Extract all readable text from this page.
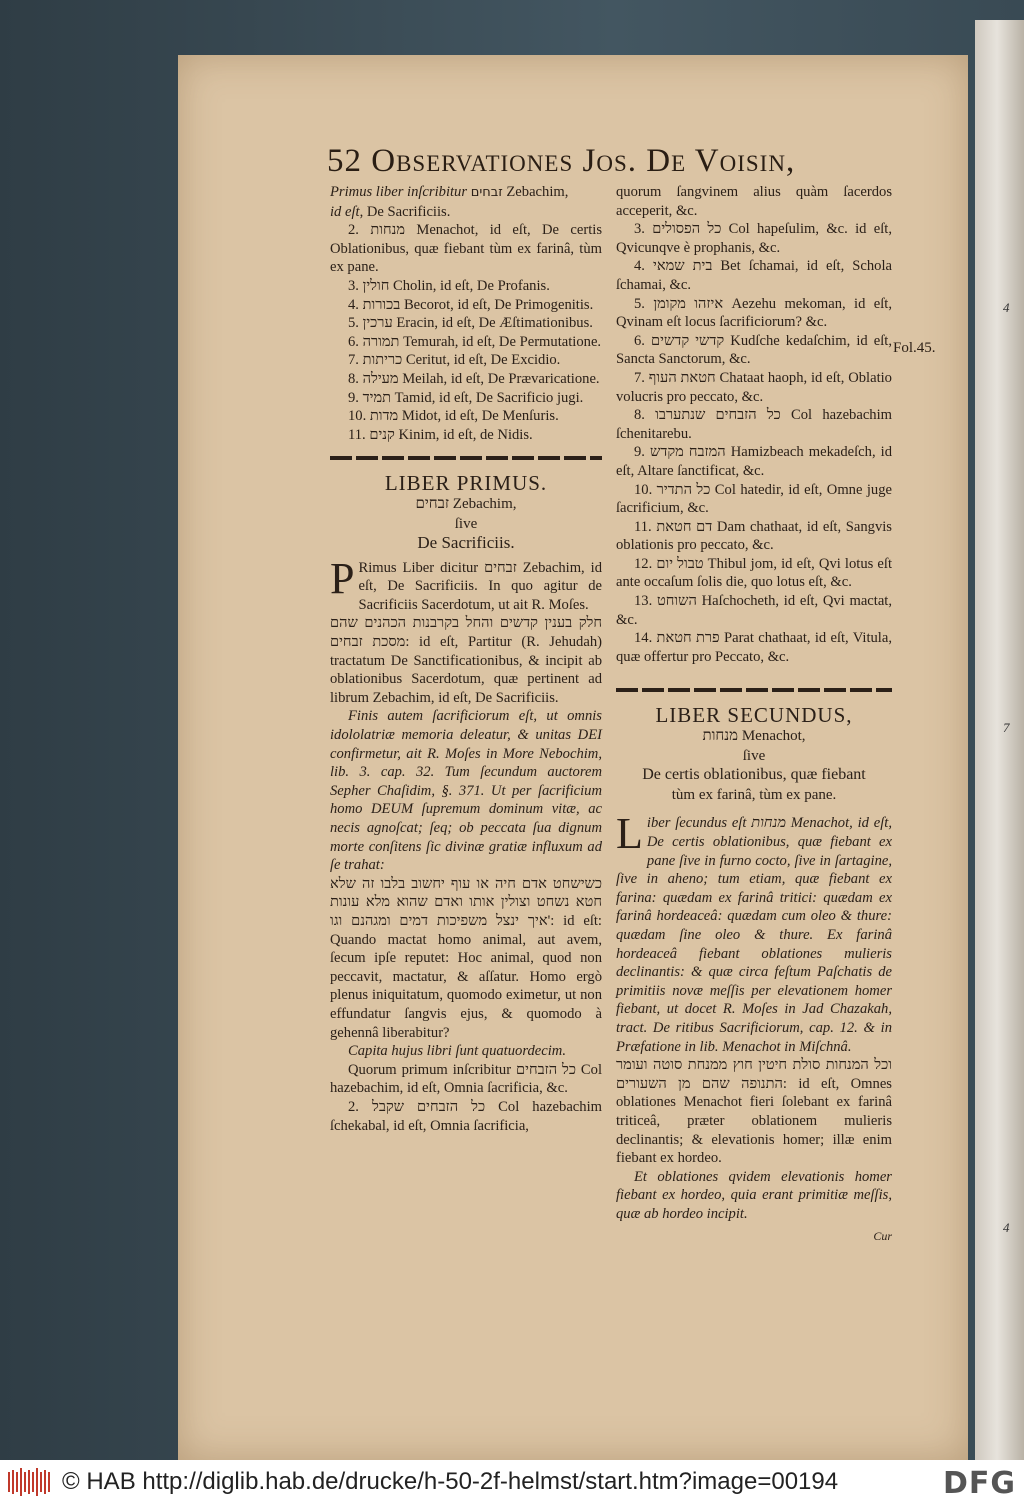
4
7
4
52 Observationes Jos. De Voisin,
Fol.45.

Primus liber inſcribitur זבחים Zebachim,

id eſt, De Sacrificiis.

2. מנחות Menachot, id eſt, De certis Oblationibus, quæ fiebant tùm ex farinâ, tùm ex pane.

3. חולין Cholin, id eſt, De Profanis.

4. בכורות Becorot, id eſt, De Primogenitis.

5. ערכין Eracin, id eſt, De Æſtimationibus.

6. תמורה Temurah, id eſt, De Permutatione.

7. כריתות Ceritut, id eſt, De Excidio.

8. מעילה Meilah, id eſt, De Prævaricatione.

9. תמיד Tamid, id eſt, De Sacrificio jugi.

10. מדות Midot, id eſt, De Menſuris.

11. קנים Kinim, id eſt, de Nidis.

LIBER PRIMUS.
זבחים Zebachim,
ſive
De Sacrificiis.

P Rimus Liber dicitur זבחים Zebachim, id eſt, De Sacrificiis. In quo agitur de Sacrificiis Sacerdotum, ut ait R. Moſes.

חלק בענין קדשים והחל בקרבנות הכהנים שהם מסכת זבחים: id eſt, Partitur (R. Jehudah) tractatum De Sanctificationibus, & incipit ab oblationibus Sacerdotum, quæ pertinent ad librum Zebachim, id eſt, De Sacrificiis.

Finis autem ſacrificiorum eſt, ut omnis idololatriæ memoria deleatur, & unitas DEI confirmetur, ait R. Moſes in More Nebochim, lib. 3. cap. 32. Tum ſecundum auctorem Sepher Chaſidim, §. 371. Ut per ſacrificium homo DEUM ſupremum dominum vitæ, ac necis agnoſcat; ſeq; ob peccata ſua dignum morte conſitens ſic divinæ gratiæ influxum ad ſe trahat:

כשישחט אדם חיה או עוף יחשוב בלבו זה שלא חטא נשחט וצולין אותו ואדם שהוא מלא עונות איך ינצל משפיכות דמים ומגהנם וגו': id eſt: Quando mactat homo animal, aut avem, ſecum ipſe reputet: Hoc animal, quod non peccavit, mactatur, & aſſatur. Homo ergò plenus iniquitatum, quomodo eximetur, ut non effundatur ſangvis ejus, & quomodo à gehennâ liberabitur?

Capita hujus libri ſunt quatuordecim.

Quorum primum inſcribitur כל הזבחים Col hazebachim, id eſt, Omnia ſacrificia, &c.

2. כל הזבחים שקבל Col hazebachim ſchekabal, id eſt, Omnia ſacrificia,

quorum ſangvinem alius quàm ſacerdos acceperit, &c.

3. כל הפסולים Col hapeſulim, &c. id eſt, Qvicunqve è prophanis, &c.

4. בית שמאי Bet ſchamai, id eſt, Schola ſchamai, &c.

5. איזהו מקומן Aezehu mekoman, id eſt, Qvinam eſt locus ſacrificiorum? &c.

6. קדשי קדשים Kudſche kedaſchim, id eſt, Sancta Sanctorum, &c.

7. חטאת העוף Chataat haoph, id eſt, Oblatio volucris pro peccato, &c.

8. כל הזבחים שנתערבו Col hazebachim ſchenitarebu.

9. המזבח מקדש Hamizbeach mekadeſch, id eſt, Altare ſanctificat, &c.

10. כל התדיר Col hatedir, id eſt, Omne juge ſacrificium, &c.

11. דם חטאת Dam chathaat, id eſt, Sangvis oblationis pro peccato, &c.

12. טבול יום Thibul jom, id eſt, Qvi lotus eſt ante occaſum ſolis die, quo lotus eſt, &c.

13. השוחט Haſchocheth, id eſt, Qvi mactat, &c.

14. פרת חטאת Parat chathaat, id eſt, Vitula, quæ offertur pro Peccato, &c.

LIBER SECUNDUS,
מנחות Menachot,
ſive
De certis oblationibus, quæ fiebant
tùm ex farinâ, tùm ex pane.

Liber ſecundus eſt מנחות Menachot, id eſt, De certis oblationibus, quæ fiebant ex pane ſive in furno cocto, ſive in ſartagine, ſive in aheno; tum etiam, quæ fiebant ex farina: quædam ex farinâ tritici: quædam ex farinâ hordeaceâ: quædam cum oleo & thure: quædam ſine oleo & thure. Ex farinâ hordeaceâ fiebant oblationes mulieris declinantis: & quæ circa feſtum Paſchatis de primitiis novæ meſſis per elevationem homer fiebant, ut docet R. Moſes in Jad Chazakah, tract. De ritibus Sacrificiorum, cap. 12. & in Præfatione in lib. Menachot in Miſchnâ.

וכל המנחות סולת חיטין חוץ ממנחת סוטה ועומר התנופה שהם מן השעורים: id eſt, Omnes oblationes Menachot fieri ſolebant ex farinâ triticeâ, præter oblationem mulieris declinantis; & elevationis homer; illæ enim fiebant ex hordeo.

Et oblationes qvidem elevationis homer fiebant ex hordeo, quia erant primitiæ meſſis, quæ ab hordeo incipit.

Cur
© HAB http://diglib.hab.de/drucke/h-50-2f-helmst/start.htm?image=00194	DFG
